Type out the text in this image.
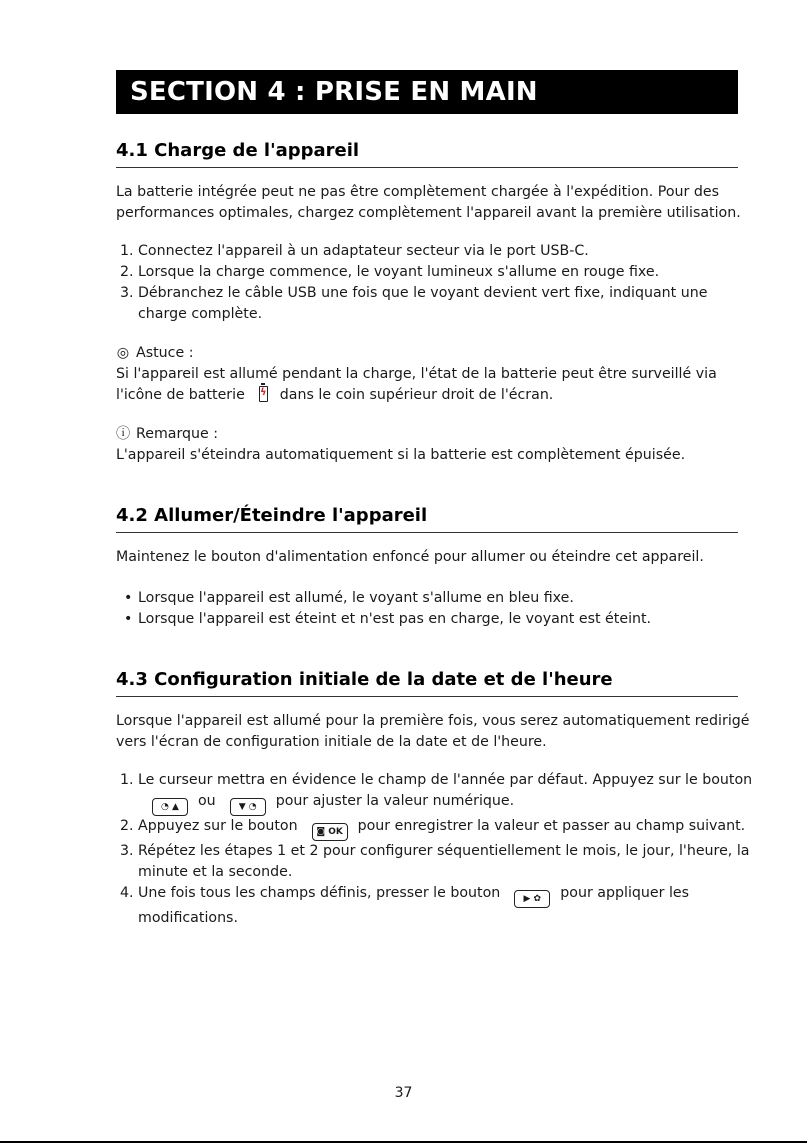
SECTION 4 : PRISE EN MAIN
4.1 Charge de l'appareil
La batterie intégrée peut ne pas être complètement chargée à l'expédition. Pour des performances optimales, chargez complètement l'appareil avant la première utilisation.
1. Connectez l'appareil à un adaptateur secteur via le port USB-C.
2. Lorsque la charge commence, le voyant lumineux s'allume en rouge fixe.
3. Débranchez le câble USB une fois que le voyant devient vert fixe, indiquant une charge complète.
◎ Astuce :
Si l'appareil est allumé pendant la charge, l'état de la batterie peut être surveillé via l'icône de batterie ϟ dans le coin supérieur droit de l'écran.
ⓘ Remarque :
L'appareil s'éteindra automatiquement si la batterie est complètement épuisée.
4.2 Allumer/Éteindre l'appareil
Maintenez le bouton d'alimentation enfoncé pour allumer ou éteindre cet appareil.
• Lorsque l'appareil est allumé, le voyant s'allume en bleu fixe.
• Lorsque l'appareil est éteint et n'est pas en charge, le voyant est éteint.
4.3 Configuration initiale de la date et de l'heure
Lorsque l'appareil est allumé pour la première fois, vous serez automatiquement redirigé vers l'écran de configuration initiale de la date et de l'heure.
1. Le curseur mettra en évidence le champ de l'année par défaut. Appuyez sur le bouton◔ ▲ ou	▼ ◔ pour ajuster la valeur numérique.
2. Appuyez sur le bouton ◙ OK pour enregistrer la valeur et passer au champ suivant.
3. Répétez les étapes 1 et 2 pour configurer séquentiellement le mois, le jour, l'heure, la minute et la seconde.
4. Une fois tous les champs définis, presser le bouton	▶ ✿ pour appliquer les modifications.
37
